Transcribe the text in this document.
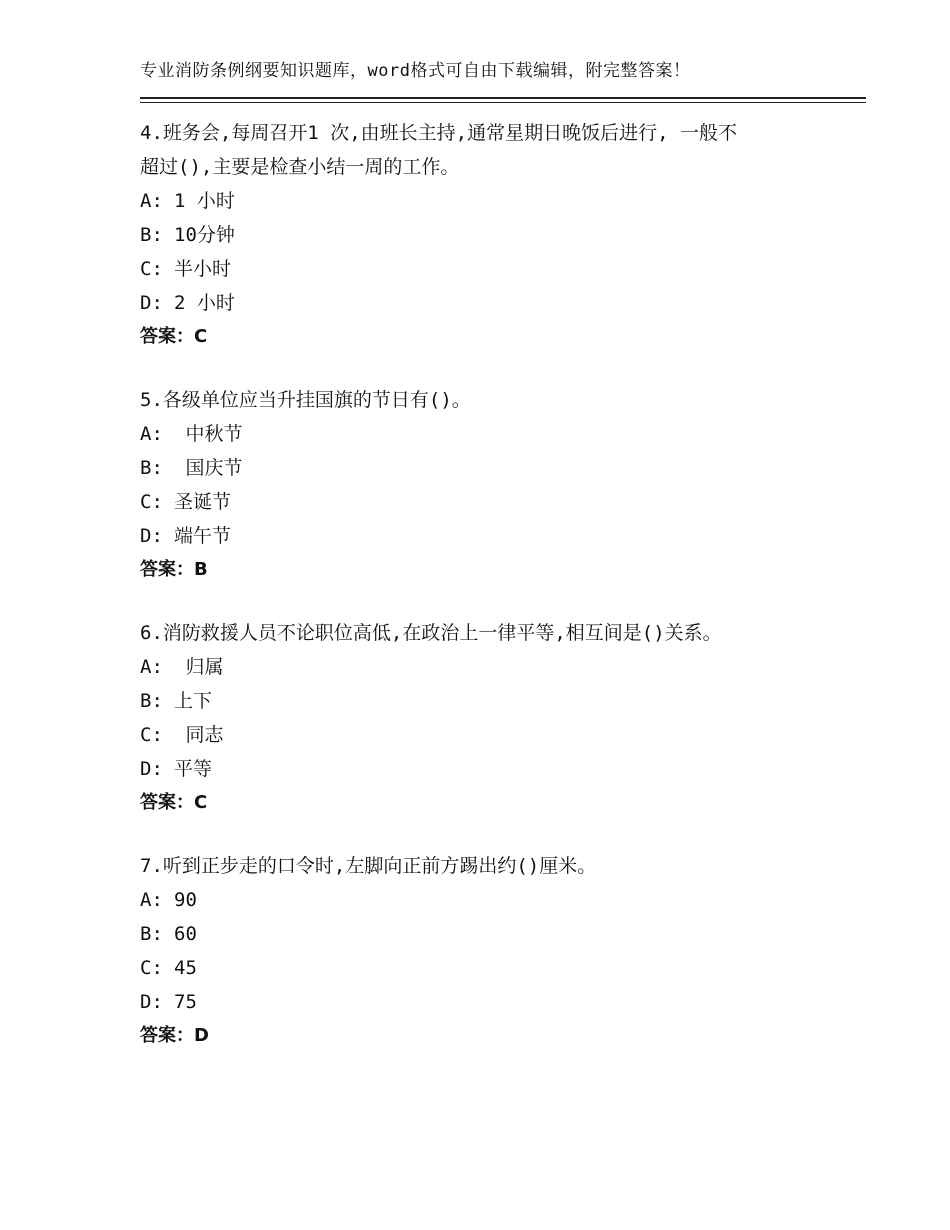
专业消防条例纲要知识题库，word格式可自由下载编辑，附完整答案！
4.班务会,每周召开1 次,由班长主持,通常星期日晚饭后进行, 一般不
超过(),主要是检查小结一周的工作。
A: 1 小时
B: 10分钟
C: 半小时
D: 2 小时
答案：C
5.各级单位应当升挂国旗的节日有()。
A: 中秋节
B: 国庆节
C: 圣诞节
D: 端午节
答案：B
6.消防救援人员不论职位高低,在政治上一律平等,相互间是()关系。
A: 归属
B: 上下
C: 同志
D: 平等
答案：C
7.听到正步走的口令时,左脚向正前方踢出约()厘米。
A: 90
B: 60
C: 45
D: 75
答案：D
